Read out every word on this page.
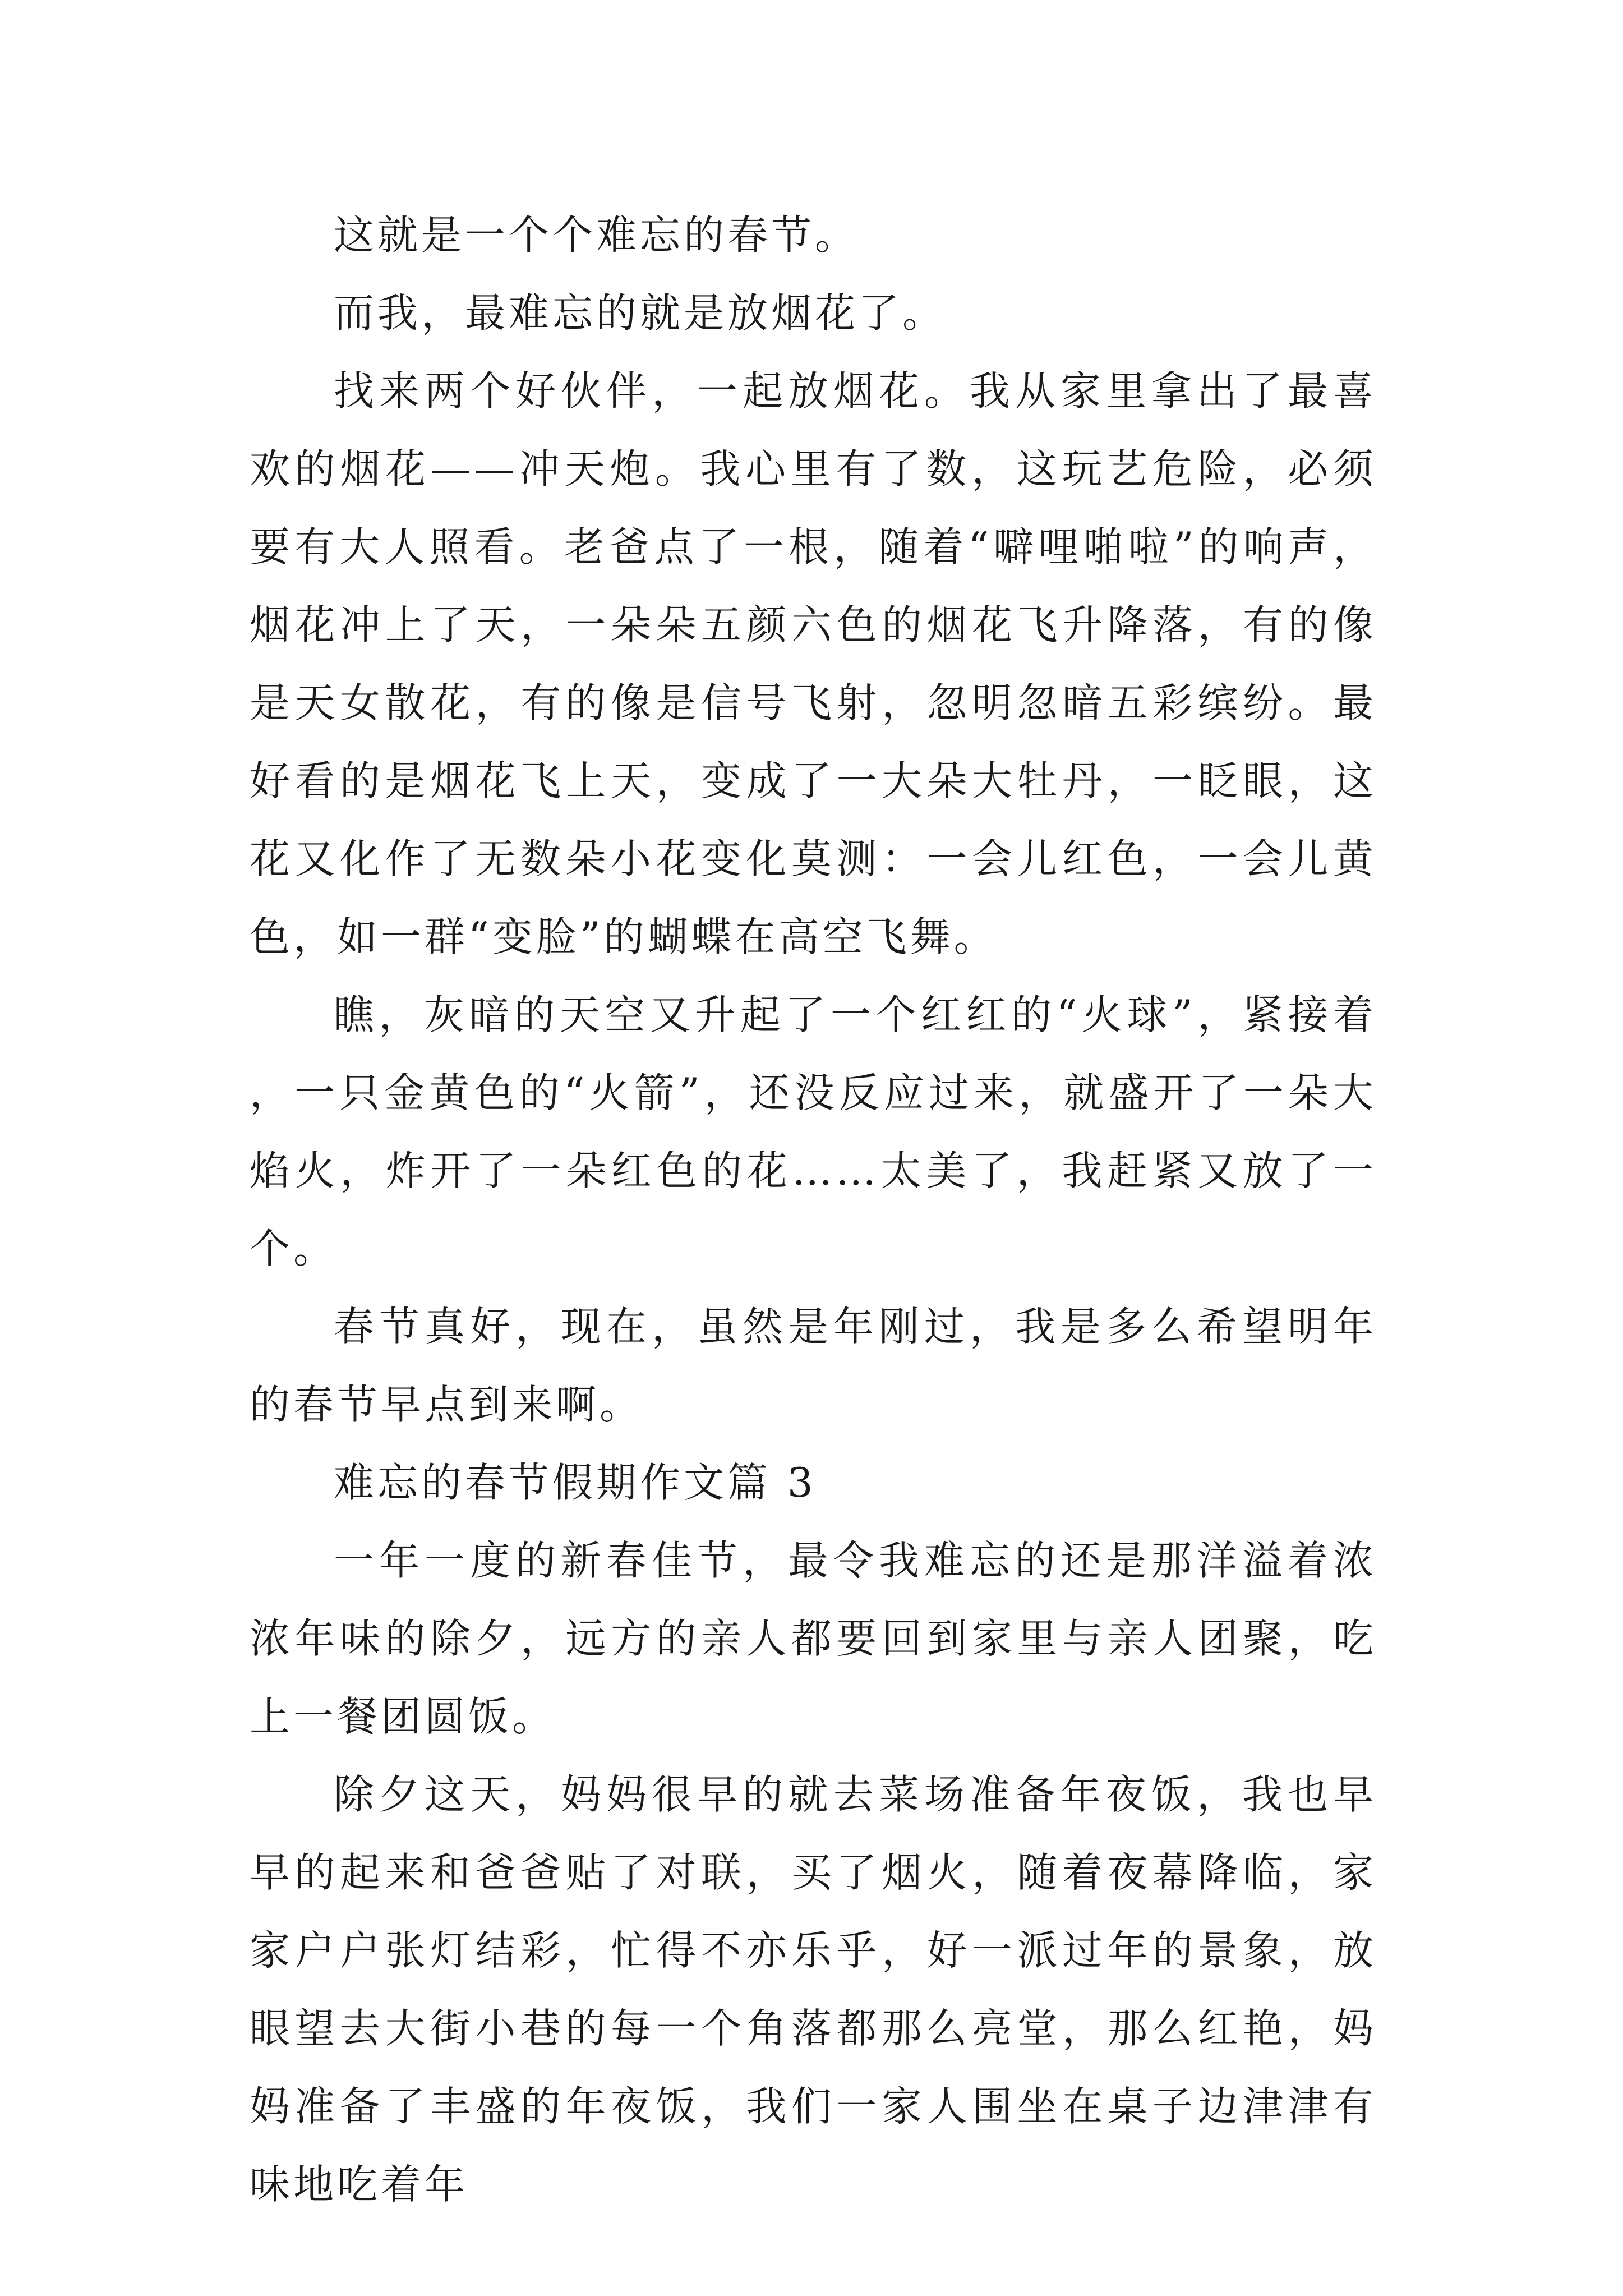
这就是一个个难忘的春节。

而我，最难忘的就是放烟花了。

找来两个好伙伴，一起放烟花。我从家里拿出了最喜欢的烟花——冲天炮。我心里有了数，这玩艺危险，必须要有大人照看。老爸点了一根，随着“噼哩啪啦”的响声，烟花冲上了天，一朵朵五颜六色的烟花飞升降落，有的像是天女散花，有的像是信号飞射，忽明忽暗五彩缤纷。最好看的是烟花飞上天，变成了一大朵大牡丹，一眨眼，这花又化作了无数朵小花变化莫测：一会儿红色，一会儿黄色，如一群“变脸”的蝴蝶在高空飞舞。

瞧，灰暗的天空又升起了一个红红的“火球”，紧接着，一只金黄色的“火箭”，还没反应过来，就盛开了一朵大焰火，炸开了一朵红色的花……太美了，我赶紧又放了一个。

春节真好，现在，虽然是年刚过，我是多么希望明年的春节早点到来啊。

难忘的春节假期作文篇 3

一年一度的新春佳节，最令我难忘的还是那洋溢着浓浓年味的除夕，远方的亲人都要回到家里与亲人团聚，吃上一餐团圆饭。

除夕这天，妈妈很早的就去菜场准备年夜饭，我也早早的起来和爸爸贴了对联，买了烟火，随着夜幕降临，家家户户张灯结彩，忙得不亦乐乎，好一派过年的景象，放眼望去大街小巷的每一个角落都那么亮堂，那么红艳，妈妈准备了丰盛的年夜饭，我们一家人围坐在桌子边津津有味地吃着年
